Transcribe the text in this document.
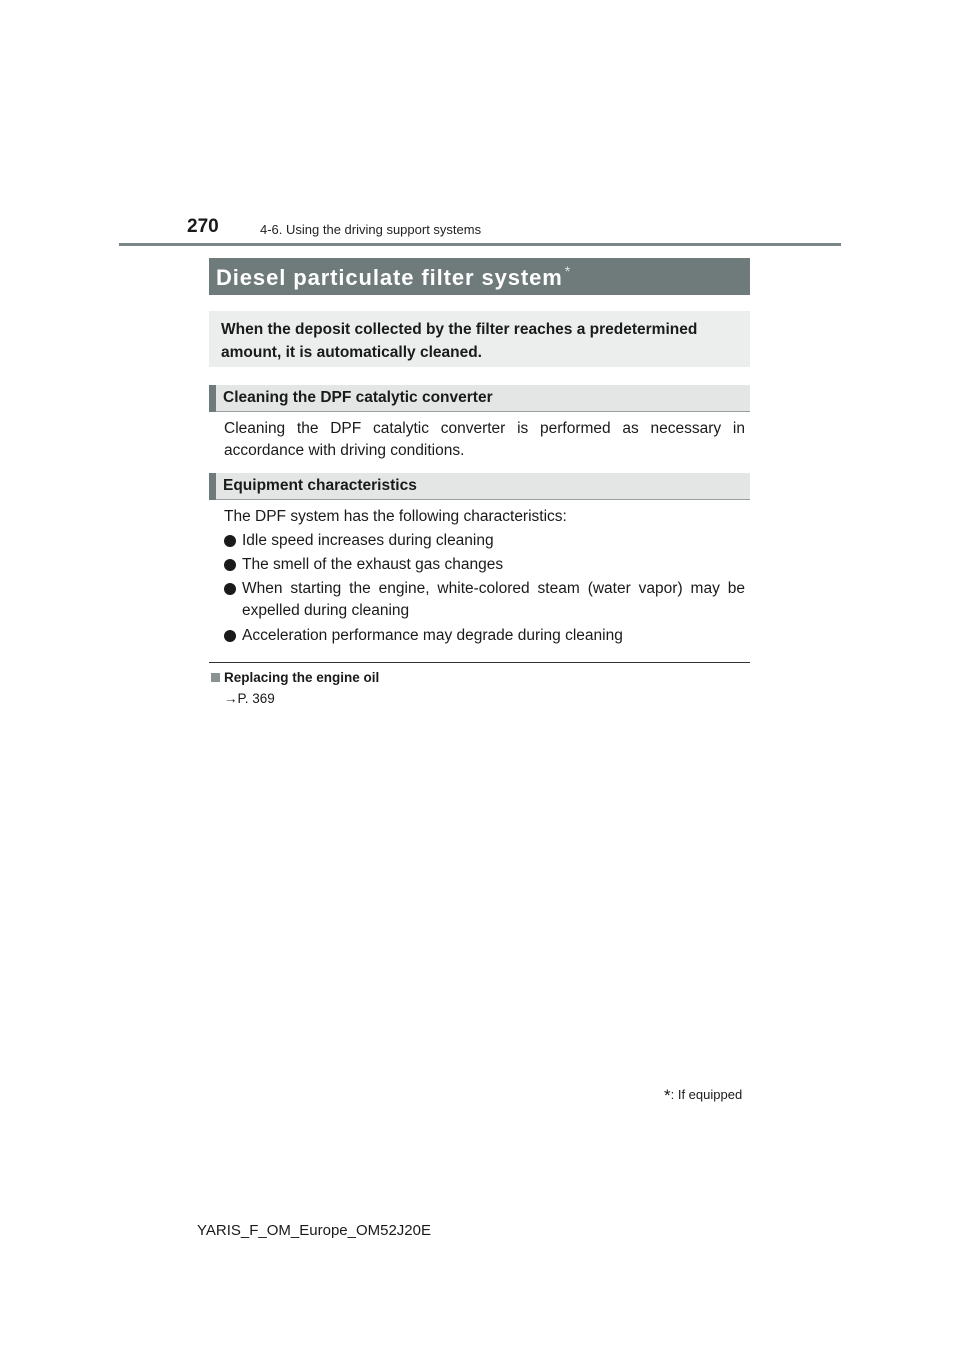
270	4-6. Using the driving support systems
Diesel particulate filter system *
When the deposit collected by the filter reaches a predetermined amount, it is automatically cleaned.
Cleaning the DPF catalytic converter
Cleaning the DPF catalytic converter is performed as necessary in accordance with driving conditions.
Equipment characteristics
The DPF system has the following characteristics:
Idle speed increases during cleaning
The smell of the exhaust gas changes
When starting the engine, white-colored steam (water vapor) may be expelled during cleaning
Acceleration performance may degrade during cleaning
Replacing the engine oil
→P. 369
*: If equipped
YARIS_F_OM_Europe_OM52J20E
